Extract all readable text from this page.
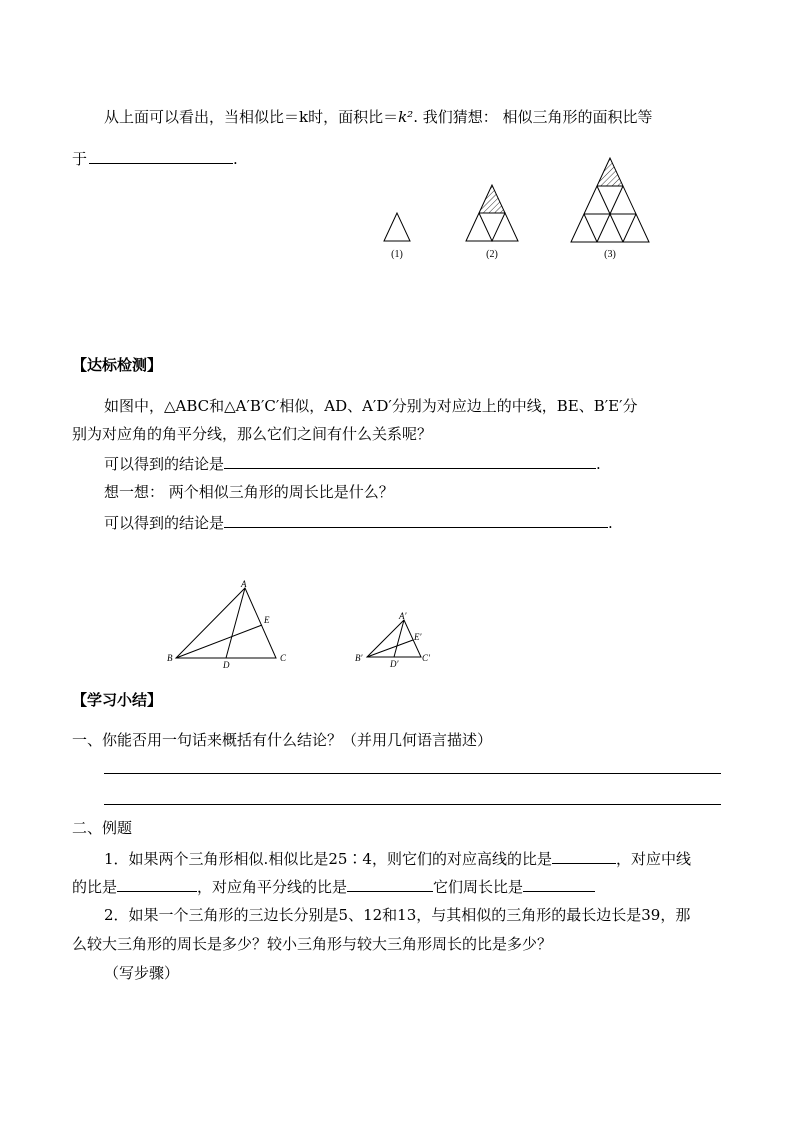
从上面可以看出，当相似比＝k时，面积比＝k². 我们猜想： 相似三角形的面积比等
于	.
(1)	(2)	(3)
【达标检测】
如图中，△ABC和△A′B′C′相似，AD、A′D′分别为对应边上的中线，BE、B′E′分
别为对应角的角平分线，那么它们之间有什么关系呢？
可以得到的结论是	.
想一想： 两个相似三角形的周长比是什么？
可以得到的结论是	.
A
B	C
D
E	A′
B′	C′
D′
E′
【学习小结】
一、你能否用一句话来概括有什么结论？（并用几何语言描述）
二、例题
1．如果两个三角形相似.相似比是25∶4，则它们的对应高线的比是	，对应中线
的比是	，对应角平分线的比是	它们周长比是
2．如果一个三角形的三边长分别是5、12和13，与其相似的三角形的最长边长是39，那
么较大三角形的周长是多少？较小三角形与较大三角形周长的比是多少？
（写步骤）
